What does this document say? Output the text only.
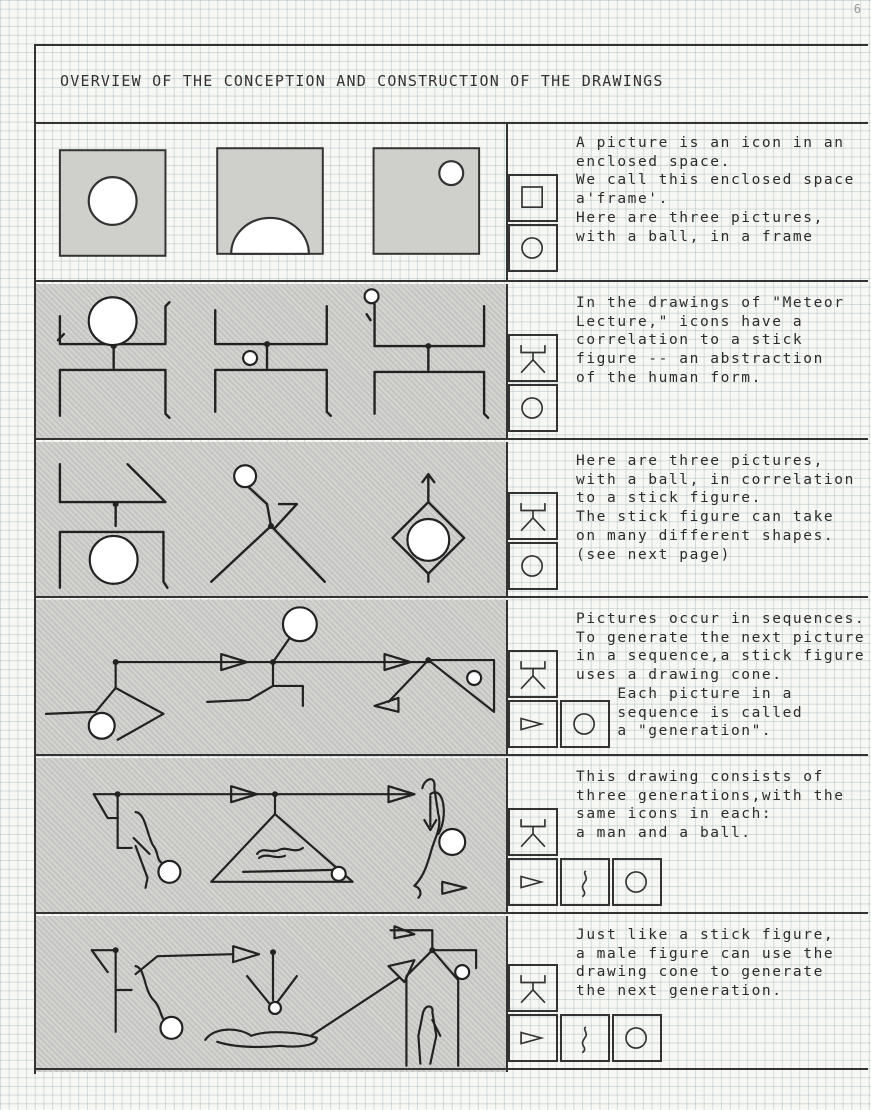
6
OVERVIEW OF THE CONCEPTION AND CONSTRUCTION OF THE DRAWINGS
A picture is an icon in an
enclosed space.
We call this enclosed space
a'frame'.
Here are three pictures,
with a ball, in a frame
In the drawings of "Meteor
Lecture," icons have a
correlation to a stick
figure -- an abstraction
of the human form.
Here are three pictures,
with a ball, in correlation
to a stick figure.
The stick figure can take
on many different shapes.
(see next page)
Pictures occur in sequences.
To generate the next picture
in a sequence,a stick figure
uses a drawing cone.
Each picture in a
sequence is called
a "generation".
This drawing consists of
three generations,with the
same icons in each:
a man and a ball.
Just like a stick figure,
a male figure can use the
drawing cone to generate
the next generation.
